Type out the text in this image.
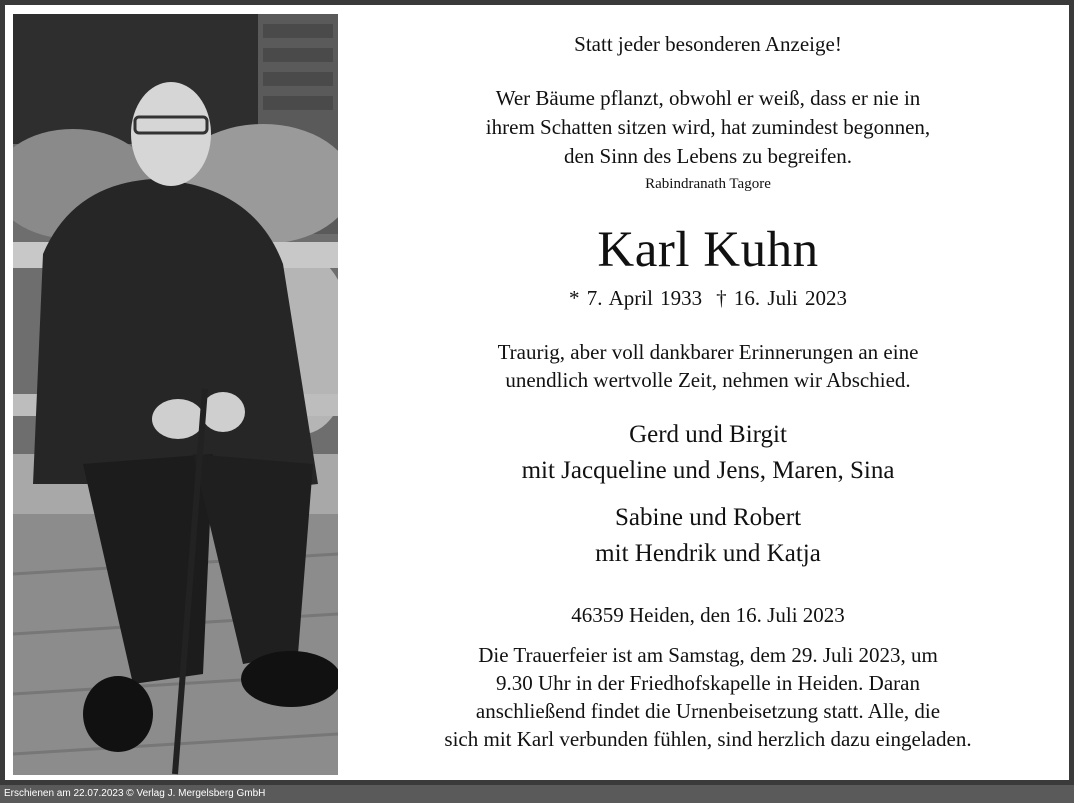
Statt jeder besonderen Anzeige!
Wer Bäume pflanzt, obwohl er weiß, dass er nie in
ihrem Schatten sitzen wird, hat zumindest begonnen,
den Sinn des Lebens zu begreifen.
Rabindranath Tagore
Karl Kuhn
* 7. April 1933 † 16. Juli 2023
Traurig, aber voll dankbarer Erinnerungen an eine
unendlich wertvolle Zeit, nehmen wir Abschied.
Gerd und Birgit
mit Jacqueline und Jens, Maren, Sina
Sabine und Robert
mit Hendrik und Katja
46359 Heiden, den 16. Juli 2023
Die Trauerfeier ist am Samstag, dem 29. Juli 2023, um
9.30 Uhr in der Friedhofskapelle in Heiden. Daran
anschließend findet die Urnenbeisetzung statt. Alle, die
sich mit Karl verbunden fühlen, sind herzlich dazu eingeladen.
Erschienen am 22.07.2023 © Verlag J. Mergelsberg GmbH
